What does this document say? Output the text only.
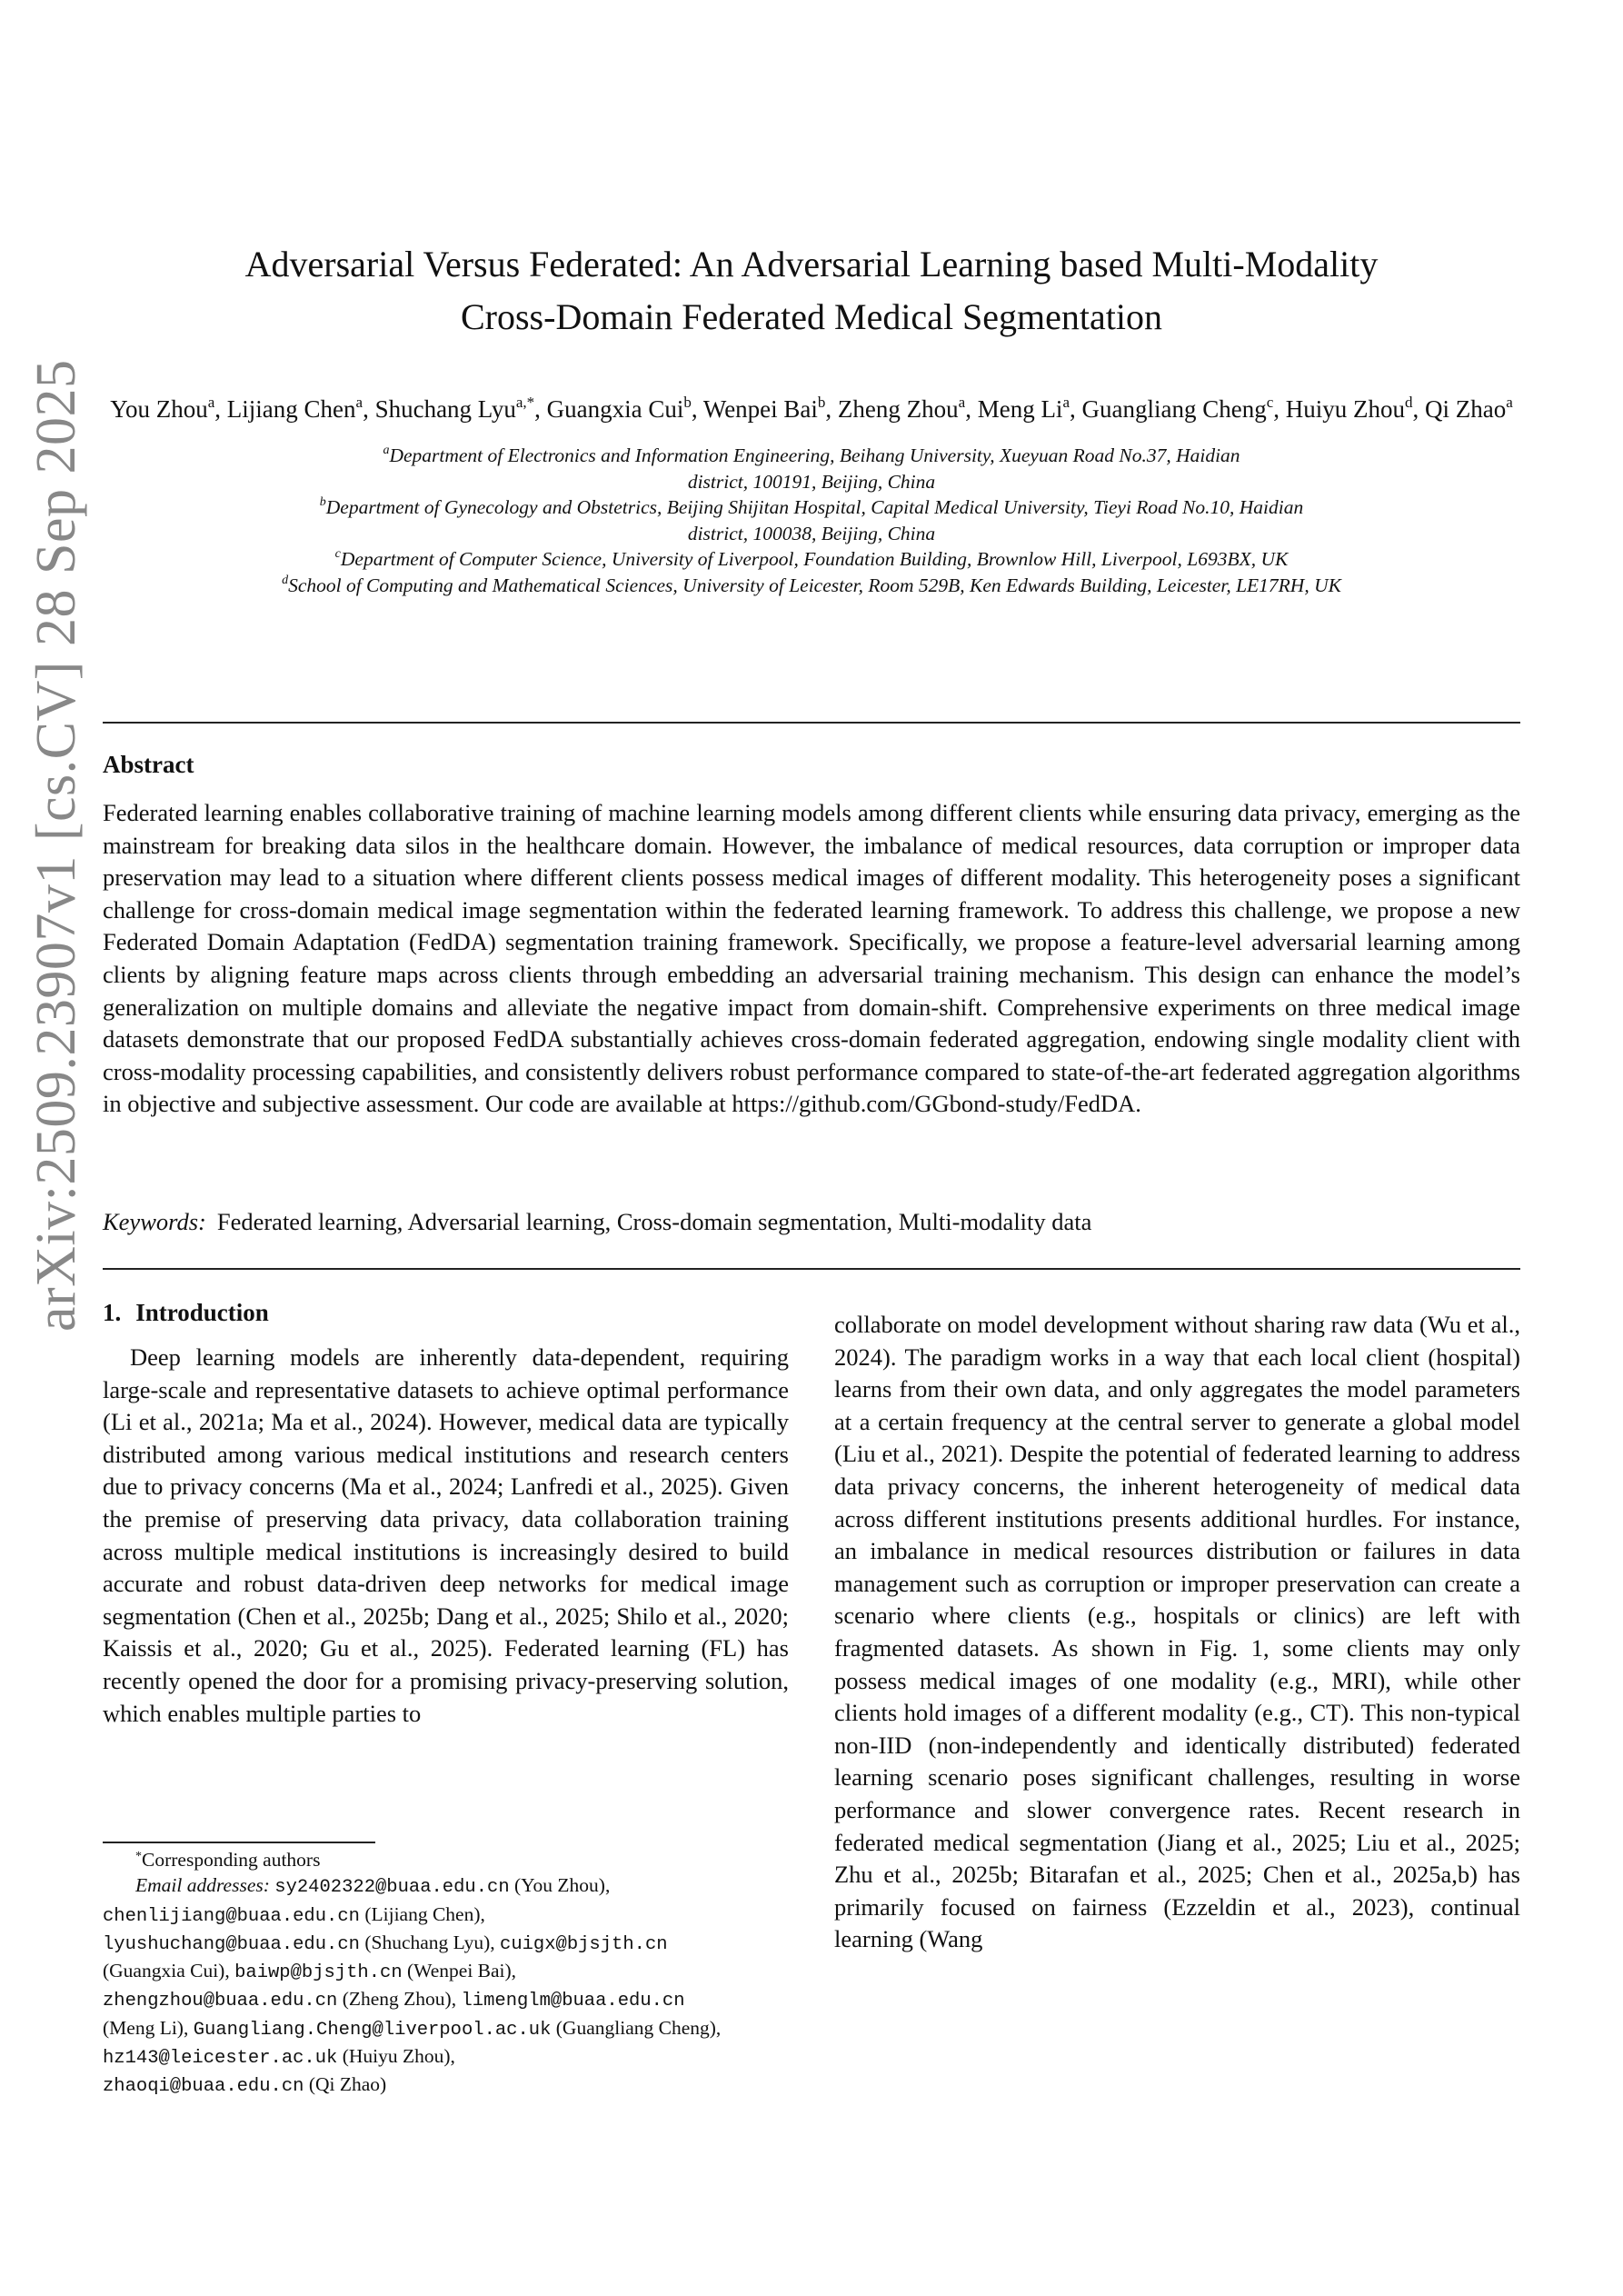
arXiv:2509.23907v1 [cs.CV] 28 Sep 2025
Adversarial Versus Federated: An Adversarial Learning based Multi-Modality
Cross-Domain Federated Medical Segmentation
You Zhou$^a$, Lijiang Chen$^a$, Shuchang Lyu$^{a,*}$, Guangxia Cui$^b$, Wenpei Bai$^b$, Zheng Zhou$^a$, Meng Li$^a$, Guangliang Cheng$^c$, Huiyu Zhou$^d$, Qi Zhao$^a$
$^a$Department of Electronics and Information Engineering, Beihang University, Xueyuan Road No.37, Haidian
district, 100191, Beijing, China
$^b$Department of Gynecology and Obstetrics, Beijing Shijitan Hospital, Capital Medical University, Tieyi Road No.10, Haidian
district, 100038, Beijing, China
$^c$Department of Computer Science, University of Liverpool, Foundation Building, Brownlow Hill, Liverpool, L693BX, UK
$^d$School of Computing and Mathematical Sciences, University of Leicester, Room 529B, Ken Edwards Building, Leicester, LE17RH, UK
Abstract
Federated learning enables collaborative training of machine learning models among different clients while ensuring data privacy, emerging as the mainstream for breaking data silos in the healthcare domain. However, the imbalance of medical resources, data corruption or improper data preservation may lead to a situation where different clients possess medical images of different modality. This heterogeneity poses a significant challenge for cross-domain medical image segmentation within the federated learning framework. To address this challenge, we propose a new Federated Domain Adaptation (FedDA) segmentation training framework. Specifically, we propose a feature-level adversarial learning among clients by aligning feature maps across clients through embedding an adversarial training mechanism. This design can enhance the model’s generalization on multiple domains and alleviate the negative impact from domain-shift. Comprehensive experiments on three medical image datasets demonstrate that our proposed FedDA substantially achieves cross-domain federated aggregation, endowing single modality client with cross-modality processing capabilities, and consistently delivers robust performance compared to state-of-the-art federated aggregation algorithms in objective and subjective assessment. Our code are available at https://github.com/GGbond-study/FedDA.
Keywords: Federated learning, Adversarial learning, Cross-domain segmentation, Multi-modality data
1. Introduction
Deep learning models are inherently data-dependent, requiring large-scale and representative datasets to achieve optimal performance (Li et al., 2021a; Ma et al., 2024). However, medical data are typically distributed among various medical institutions and research centers due to privacy concerns (Ma et al., 2024; Lanfredi et al., 2025). Given the premise of preserving data privacy, data collaboration training across multiple medical institutions is increasingly desired to build accurate and robust data-driven deep networks for medical image segmentation (Chen et al., 2025b; Dang et al., 2025; Shilo et al., 2020; Kaissis et al., 2020; Gu et al., 2025). Federated learning (FL) has recently opened the door for a promising privacy-preserving solution, which enables multiple parties to
collaborate on model development without sharing raw data (Wu et al., 2024). The paradigm works in a way that each local client (hospital) learns from their own data, and only aggregates the model parameters at a certain frequency at the central server to generate a global model (Liu et al., 2021). Despite the potential of federated learning to address data privacy concerns, the inherent heterogeneity of medical data across different institutions presents additional hurdles. For instance, an imbalance in medical resources distribution or failures in data management such as corruption or improper preservation can create a scenario where clients (e.g., hospitals or clinics) are left with fragmented datasets. As shown in Fig. 1, some clients may only possess medical images of one modality (e.g., MRI), while other clients hold images of a different modality (e.g., CT). This non-typical non-IID (non-independently and identically distributed) federated learning scenario poses significant challenges, resulting in worse performance and slower convergence rates. Recent research in federated medical segmentation (Jiang et al., 2025; Liu et al., 2025; Zhu et al., 2025b; Bitarafan et al., 2025; Chen et al., 2025a,b) has primarily focused on fairness (Ezzeldin et al., 2023), continual learning (Wang
*Corresponding authors
Email addresses: sy2402322@buaa.edu.cn (You Zhou),
chenlijiang@buaa.edu.cn (Lijiang Chen),
lyushuchang@buaa.edu.cn (Shuchang Lyu), cuigx@bjsjth.cn
(Guangxia Cui), baiwp@bjsjth.cn (Wenpei Bai),
zhengzhou@buaa.edu.cn (Zheng Zhou), limenglm@buaa.edu.cn
(Meng Li), Guangliang.Cheng@liverpool.ac.uk (Guangliang Cheng), hz143@leicester.ac.uk (Huiyu Zhou),
zhaoqi@buaa.edu.cn (Qi Zhao)
